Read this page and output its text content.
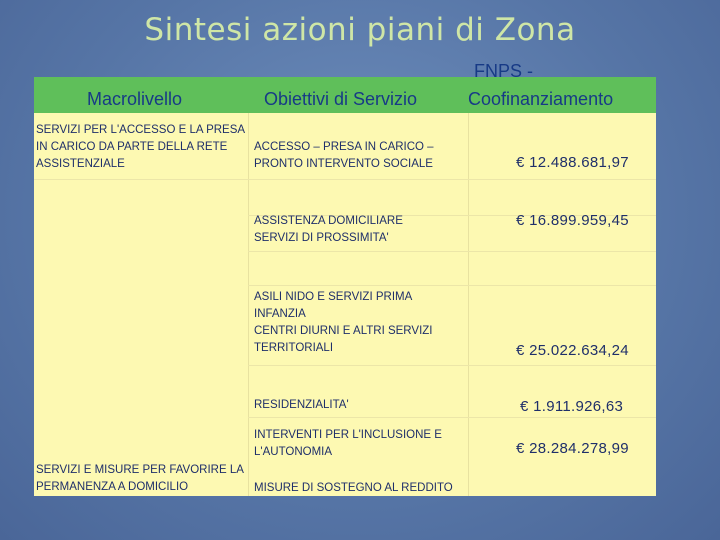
Sintesi azioni piani di Zona
Macrolivello	Obiettivi di Servizio
FNPS -
Coofinanziamento
SERVIZI PER L'ACCESSO E LA PRESA
IN CARICO DA PARTE DELLA RETE
ASSISTENZIALE
SERVIZI E MISURE PER FAVORIRE LA
PERMANENZA A DOMICILIO
ACCESSO – PRESA IN CARICO –
PRONTO INTERVENTO SOCIALE
ASSISTENZA DOMICILIARE
SERVIZI DI PROSSIMITA'
ASILI NIDO E SERVIZI PRIMA
INFANZIA
CENTRI DIURNI E ALTRI SERVIZI
TERRITORIALI
RESIDENZIALITA'
INTERVENTI PER L'INCLUSIONE E
L'AUTONOMIA
MISURE DI SOSTEGNO AL REDDITO
€ 12.488.681,97
€ 16.899.959,45
€ 25.022.634,24
€ 1.911.926,63
€ 28.284.278,99
